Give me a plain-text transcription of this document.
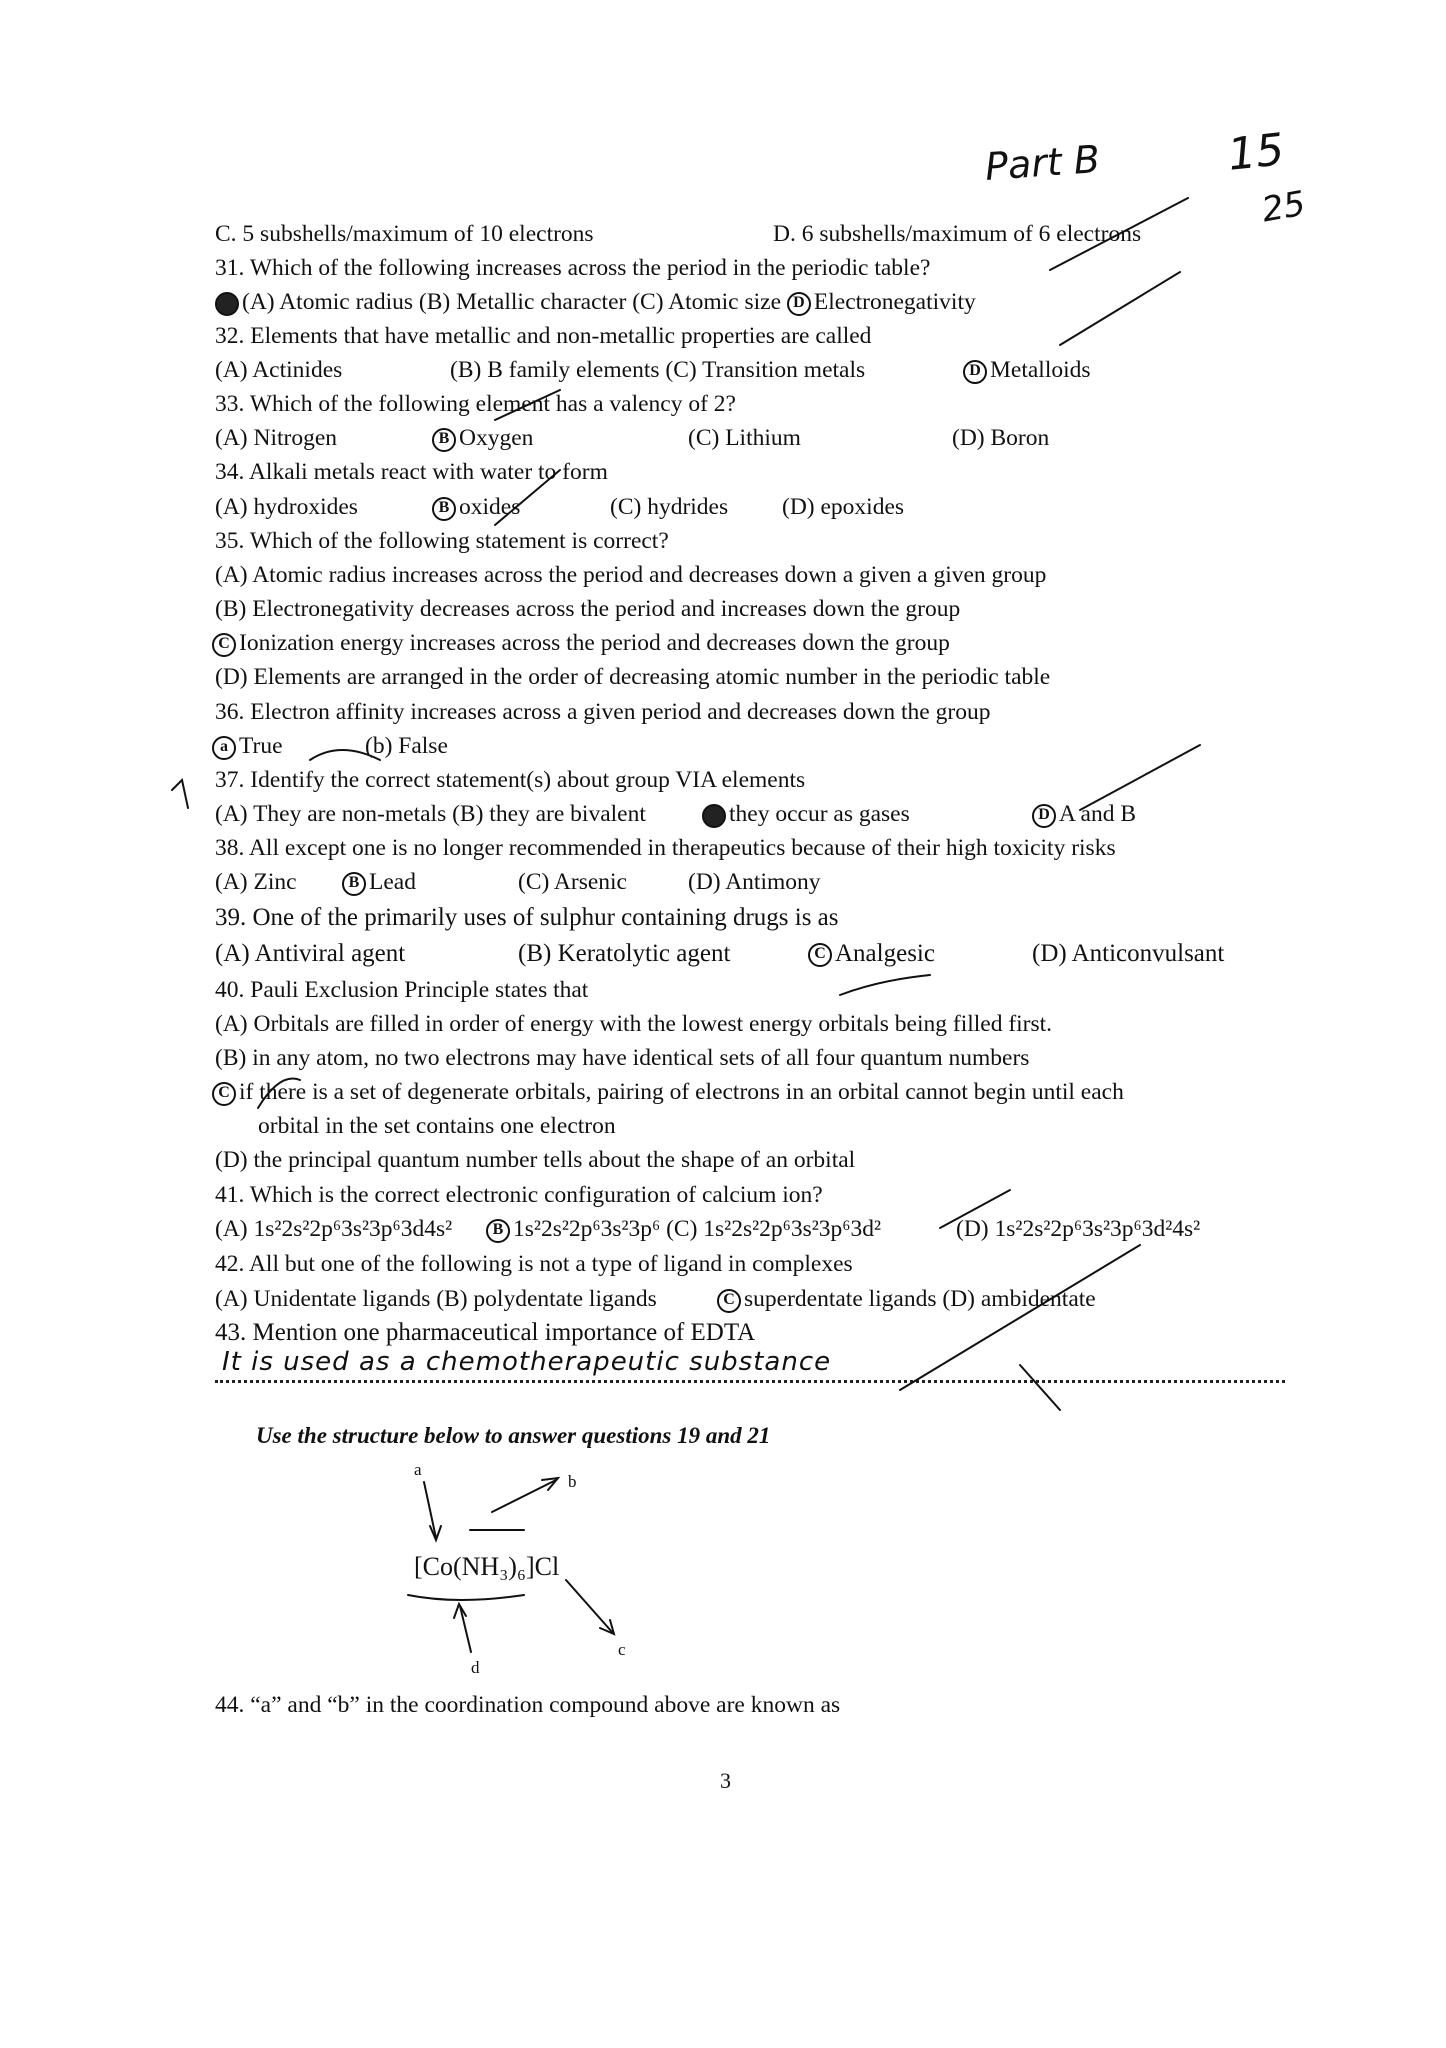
Part B	15
25
C. 5 subshells/maximum of 10 electrons	D. 6 subshells/maximum of 6 electrons
31. Which of the following increases across the period in the periodic table?
A (A) Atomic radius (B) Metallic character (C) Atomic size D Electronegativity
32. Elements that have metallic and non-metallic properties are called
(A) Actinides	(B) B family elements (C) Transition metals	D Metalloids
33. Which of the following element has a valency of 2?
(A) Nitrogen	B Oxygen	(C) Lithium	(D) Boron
34. Alkali metals react with water to form
(A) hydroxides	B oxides	(C) hydrides (D) epoxides
35. Which of the following statement is correct?
(A) Atomic radius increases across the period and decreases down a given a given group
(B) Electronegativity decreases across the period and increases down the group
C Ionization energy increases across the period and decreases down the group
(D) Elements are arranged in the order of decreasing atomic number in the periodic table
36. Electron affinity increases across a given period and decreases down the group
a True	(b) False
37. Identify the correct statement(s) about group VIA elements
(A) They are non-metals (B) they are bivalent	C they occur as gases	D A and B
38. All except one is no longer recommended in therapeutics because of their high toxicity risks
(A) Zinc	B Lead	(C) Arsenic	(D) Antimony
39. One of the primarily uses of sulphur containing drugs is as
(A) Antiviral agent	(B) Keratolytic agent	C Analgesic	(D) Anticonvulsant
40. Pauli Exclusion Principle states that
(A) Orbitals are filled in order of energy with the lowest energy orbitals being filled first.
(B) in any atom, no two electrons may have identical sets of all four quantum numbers
C if there is a set of degenerate orbitals, pairing of electrons in an orbital cannot begin until each
orbital in the set contains one electron
(D) the principal quantum number tells about the shape of an orbital
41. Which is the correct electronic configuration of calcium ion?
(A) 1s²2s²2p⁶3s²3p⁶3d4s²	B 1s²2s²2p⁶3s²3p⁶ (C) 1s²2s²2p⁶3s²3p⁶3d²	(D) 1s²2s²2p⁶3s²3p⁶3d²4s²
42. All but one of the following is not a type of ligand in complexes
(A) Unidentate ligands (B) polydentate ligands	C superdentate ligands (D) ambidentate
43. Mention one pharmaceutical importance of EDTA
It is used as a chemotherapeutic substance
Use the structure below to answer questions 19 and 21
a
b
[Co(NH₃)₆]Cl
c
d
44. “a” and “b” in the coordination compound above are known as
3
